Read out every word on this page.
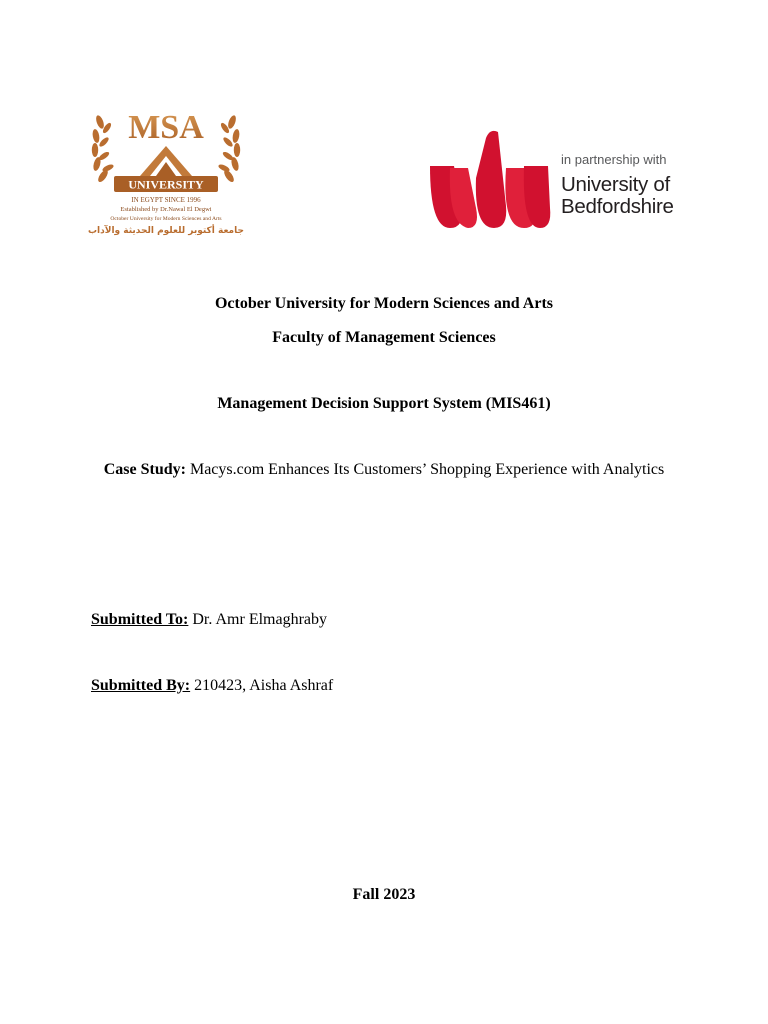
MSA
UNIVERSITY
IN EGYPT SINCE 1996
Established by Dr.Nawal El Degwi
October University for Modern Sciences and Arts
جامعة أكتوبر للعلوم الحديثة والآداب
in partnership with
University of
Bedfordshire
October University for Modern Sciences and Arts
Faculty of Management Sciences
Management Decision Support System (MIS461)
Case Study: Macys.com Enhances Its Customers’ Shopping Experience with Analytics
Submitted To: Dr. Amr Elmaghraby
Submitted By: 210423, Aisha Ashraf
Fall 2023
